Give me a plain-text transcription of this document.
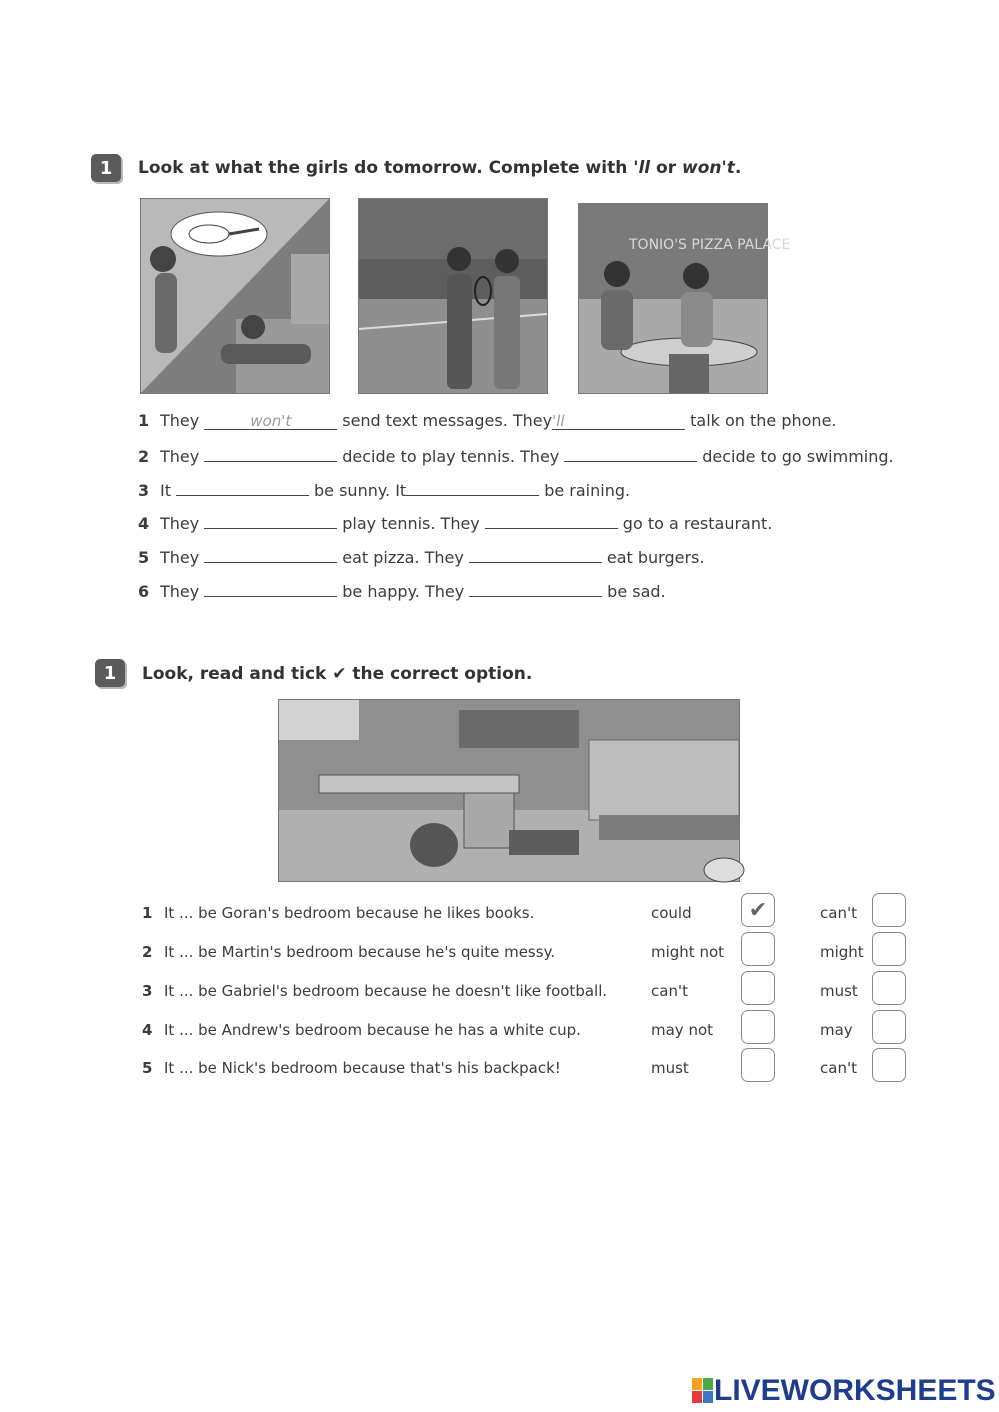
1	Look at what the girls do tomorrow. Complete with 'll or won't.
TONIO'S PIZZA PALACE
1 They	won't	send text messages. They 'll	talk on the phone.
2 They	decide to play tennis. They	decide to go swimming.
3 It	be sunny. It	be raining.
4 They	play tennis. They	go to a restaurant.
5 They	eat pizza. They	eat burgers.
6 They	be happy. They	be sad.
1	Look, read and tick ✔ the correct option.
1 It ... be Goran's bedroom because he likes books.	could	✔	can't
2 It ... be Martin's bedroom because he's quite messy.	might not	might
3 It ... be Gabriel's bedroom because he doesn't like football.	can't	must
4 It ... be Andrew's bedroom because he has a white cup.	may not	may
5 It ... be Nick's bedroom because that's his backpack!	must	can't
LIVEWORKSHEETS
